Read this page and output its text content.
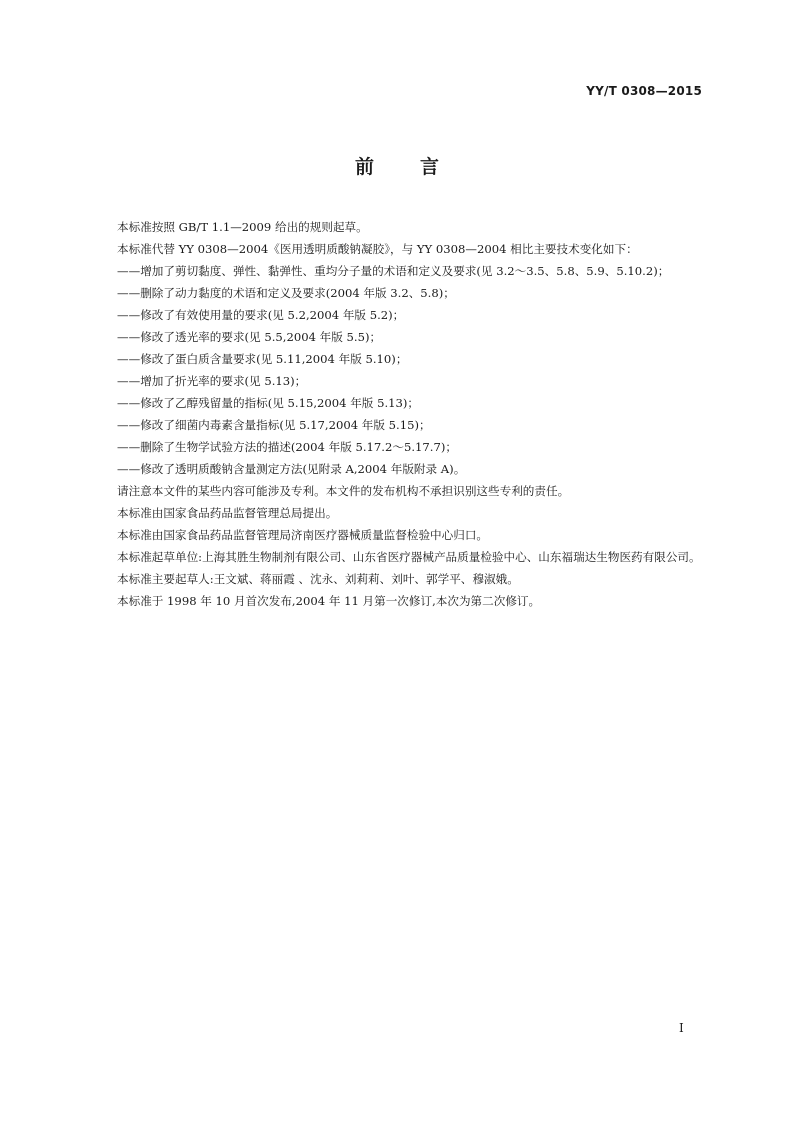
YY/T 0308—2015
前言

本标准按照 GB/T 1.1—2009 给出的规则起草。

本标准代替 YY 0308—2004《医用透明质酸钠凝胶》，与 YY 0308—2004 相比主要技术变化如下：

——增加了剪切黏度、弹性、黏弹性、重均分子量的术语和定义及要求(见 3.2～3.5、5.8、5.9、5.10.2)；

——删除了动力黏度的术语和定义及要求(2004 年版 3.2、5.8)；

——修改了有效使用量的要求(见 5.2,2004 年版 5.2)；

——修改了透光率的要求(见 5.5,2004 年版 5.5)；

——修改了蛋白质含量要求(见 5.11,2004 年版 5.10)；

——增加了折光率的要求(见 5.13)；

——修改了乙醇残留量的指标(见 5.15,2004 年版 5.13)；

——修改了细菌内毒素含量指标(见 5.17,2004 年版 5.15)；

——删除了生物学试验方法的描述(2004 年版 5.17.2～5.17.7)；

——修改了透明质酸钠含量测定方法(见附录 A,2004 年版附录 A)。

请注意本文件的某些内容可能涉及专利。本文件的发布机构不承担识别这些专利的责任。

本标准由国家食品药品监督管理总局提出。

本标准由国家食品药品监督管理局济南医疗器械质量监督检验中心归口。

本标准起草单位:上海其胜生物制剂有限公司、山东省医疗器械产品质量检验中心、山东福瑞达生物医药有限公司。

本标准主要起草人:王文斌、蒋丽霞 、沈永、刘莉莉、刘叶、郭学平、穆淑娥。

本标准于 1998 年 10 月首次发布,2004 年 11 月第一次修订,本次为第二次修订。

I
